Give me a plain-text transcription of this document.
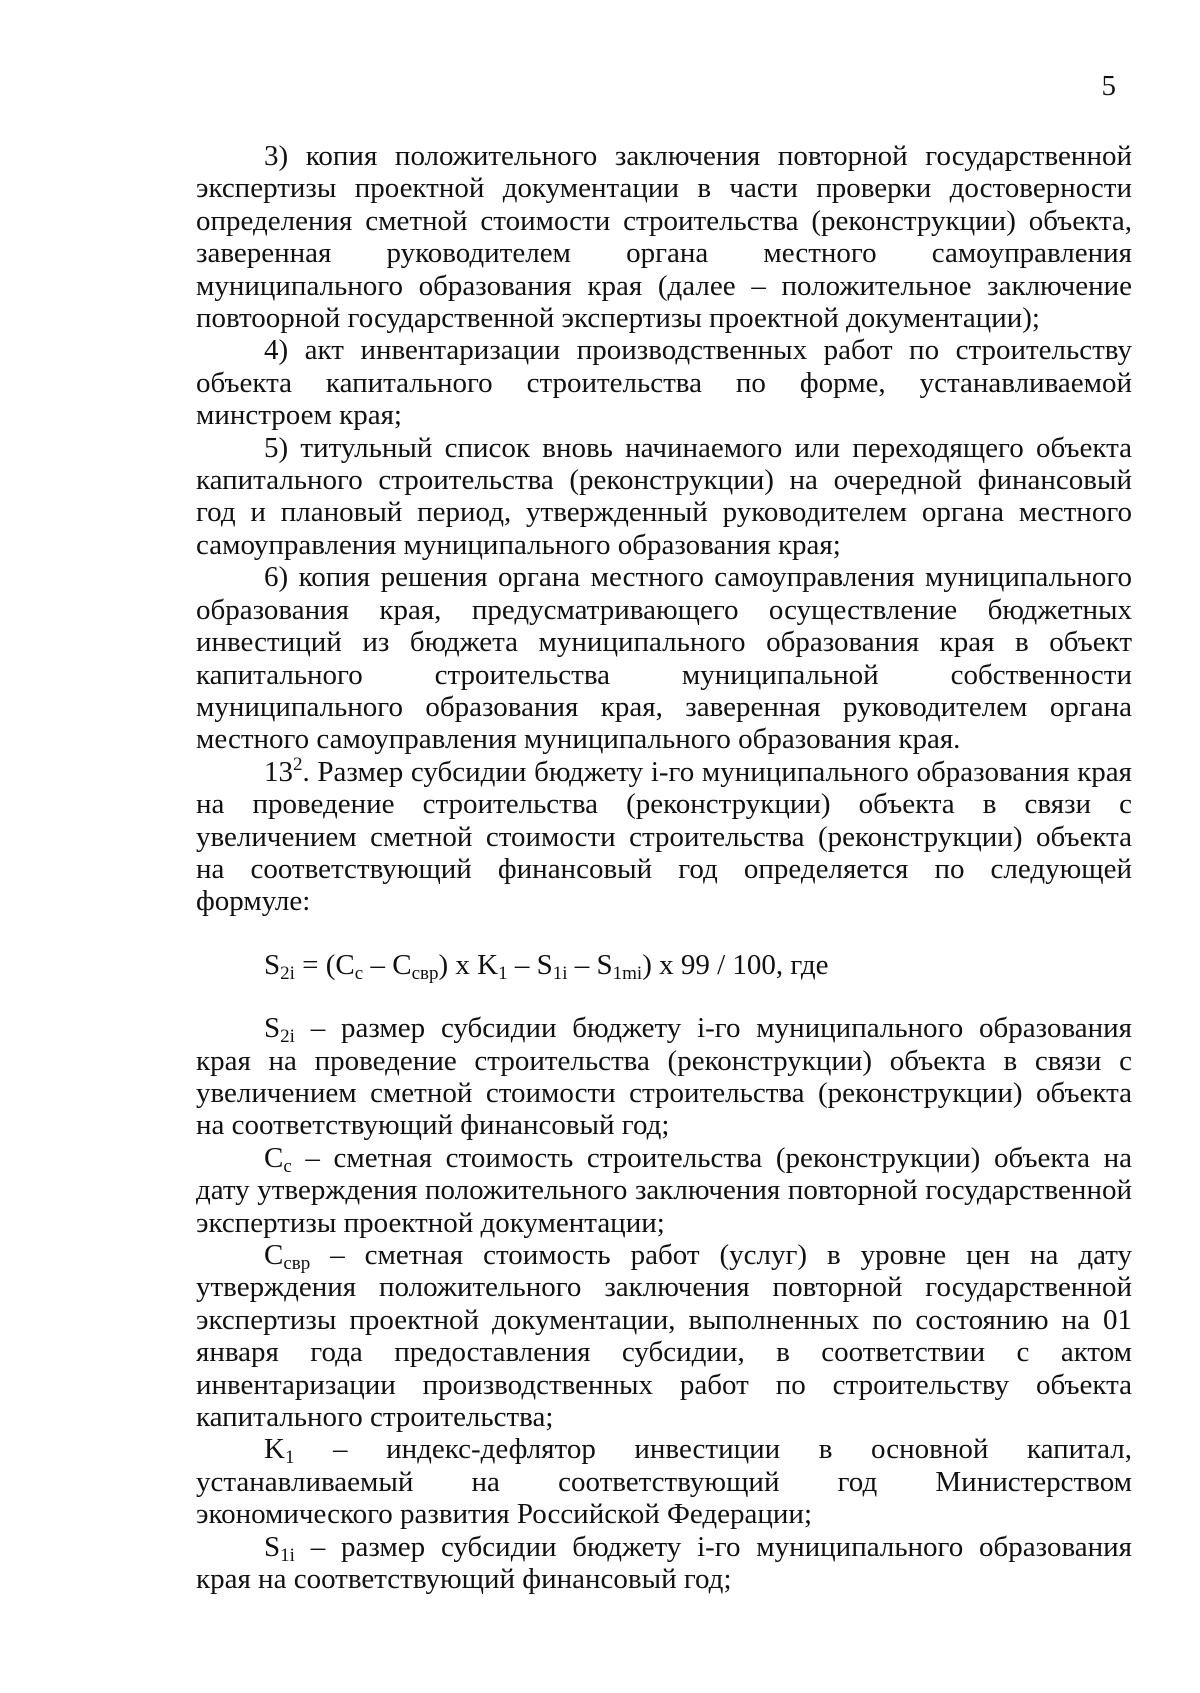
5

3) копия положительного заключения повторной государственной экспертизы проектной документации в части проверки достоверности определения сметной стоимости строительства (реконструкции) объекта, заверенная руководителем органа местного самоуправления муниципального образования края (далее – положительное заключение повтоорной государственной экспертизы проектной документации);

4) акт инвентаризации производственных работ по строительству объекта капитального строительства по форме, устанавливаемой минстроем края;

5) титульный список вновь начинаемого или переходящего объекта капитального строительства (реконструкции) на очередной финансовый год и плановый период, утвержденный руководителем органа местного самоуправления муниципального образования края;

6) копия решения органа местного самоуправления муниципального образования края, предусматривающего осуществление бюджетных инвестиций из бюджета муниципального образования края в объект капитального строительства муниципальной собственности муниципального образования края, заверенная руководителем органа местного самоуправления муниципального образования края.

$13^2$. Размер субсидии бюджету i-го муниципального образования края на проведение строительства (реконструкции) объекта в связи с увеличением сметной стоимости строительства (реконструкции) объекта на соответствующий финансовый год определяется по следующей формуле:

$S_{2i} = (C_c - C_{свр})$ x $K_1 - S_{1i} - S_{1mi}$) x 99 / 100, где

$S_{2i}$ – размер субсидии бюджету i-го муниципального образования края на проведение строительства (реконструкции) объекта в связи с увеличением сметной стоимости строительства (реконструкции) объекта на соответствующий финансовый год;

$C_c$ – сметная стоимость строительства (реконструкции) объекта на дату утверждения положительного заключения повторной государственной экспертизы проектной документации;

$C_{свр}$ – сметная стоимость работ (услуг) в уровне цен на дату утверждения положительного заключения повторной государственной экспертизы проектной документации, выполненных по состоянию на 01 января года предоставления субсидии, в соответствии с актом инвентаризации производственных работ по строительству объекта капитального строительства;

$K_1$ – индекс-дефлятор инвестиции в основной капитал, устанавливаемый на соответствующий год Министерством экономического развития Российской Федерации;

$S_{1i}$ – размер субсидии бюджету i-го муниципального образования края на соответствующий финансовый год;
